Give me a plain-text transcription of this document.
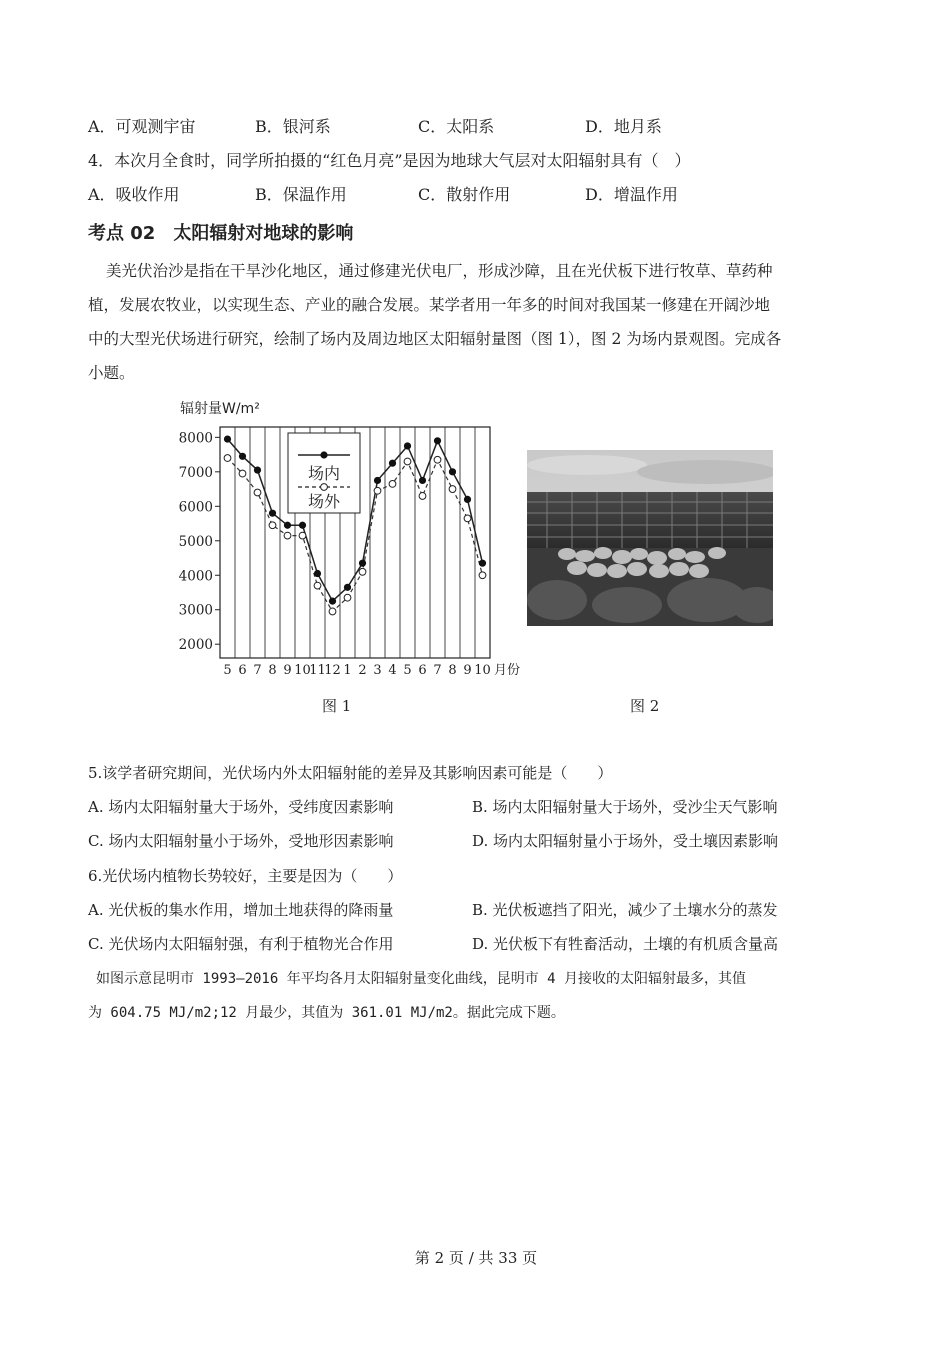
A．可观测宇宙	B．银河系	C．太阳系	D．地月系
4．本次月全食时，同学所拍摄的“红色月亮”是因为地球大气层对太阳辐射具有（　）
A．吸收作用	B．保温作用	C．散射作用	D．增温作用
考点 02　太阳辐射对地球的影响

美光伏治沙是指在干旱沙化地区，通过修建光伏电厂，形成沙障，且在光伏板下进行牧草、草药种

植，发展农牧业，以实现生态、产业的融合发展。某学者用一年多的时间对我国某一修建在开阔沙地

中的大型光伏场进行研究，绘制了场内及周边地区太阳辐射量图（图 1），图 2 为场内景观图。完成各

小题。

辐射量W/m²
2000
3000
4000
5000
6000
7000
8000
5 6 7 8 9 10
11
12 1 2 3 4 5 6 7 8 9 10 月份
场内
场外
图 1	图 2
5.该学者研究期间，光伏场内外太阳辐射能的差异及其影响因素可能是（　　）
A. 场内太阳辐射量大于场外，受纬度因素影响	B. 场内太阳辐射量大于场外，受沙尘天气影响
C. 场内太阳辐射量小于场外，受地形因素影响	D. 场内太阳辐射量小于场外，受土壤因素影响
6.光伏场内植物长势较好，主要是因为（　　）
A. 光伏板的集水作用，增加土地获得的降雨量	B. 光伏板遮挡了阳光，减少了土壤水分的蒸发
C. 光伏场内太阳辐射强，有利于植物光合作用	D. 光伏板下有牲畜活动，土壤的有机质含量高

如图示意昆明市 1993—2016 年平均各月太阳辐射量变化曲线，昆明市 4 月接收的太阳辐射最多，其值

为 604.75 MJ/m2;12 月最少，其值为 361.01 MJ/m2。据此完成下题。

第 2 页 / 共 33 页
